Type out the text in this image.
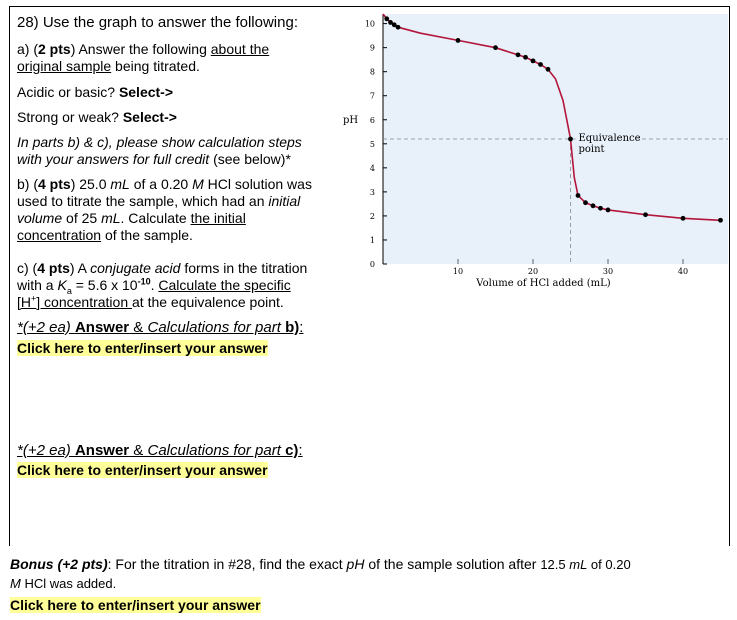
28) Use the graph to answer the following:
a) (2 pts) Answer the following about the
original sample being titrated.
Acidic or basic? Select->
Strong or weak? Select->
In parts b) & c), please show calculation steps
with your answers for full credit (see below)*
b) (4 pts) 25.0 mL of a 0.20 M HCl solution was
used to titrate the sample, which had an initial
volume of 25 mL. Calculate the initial
concentration of the sample.
c) (4 pts) A conjugate acid forms in the titration
with a $K_a = 5.6$ x $10^{-10}$. Calculate the specific
[H+] concentration at the equivalence point.
*(+2 ea) Answer & Calculations for part b):
Click here to enter/insert your answer
*(+2 ea) Answer & Calculations for part c):
Click here to enter/insert your answer
0
1
2
3
4
5
6
7
8
9
10
10	20	30	40
pH
Volume of HCl added (mL)
Equivalence
point
Bonus (+2 pts): For the titration in #28, find the exact pH of the sample solution after 12.5 mL of 0.20
M HCl was added.
Click here to enter/insert your answer
